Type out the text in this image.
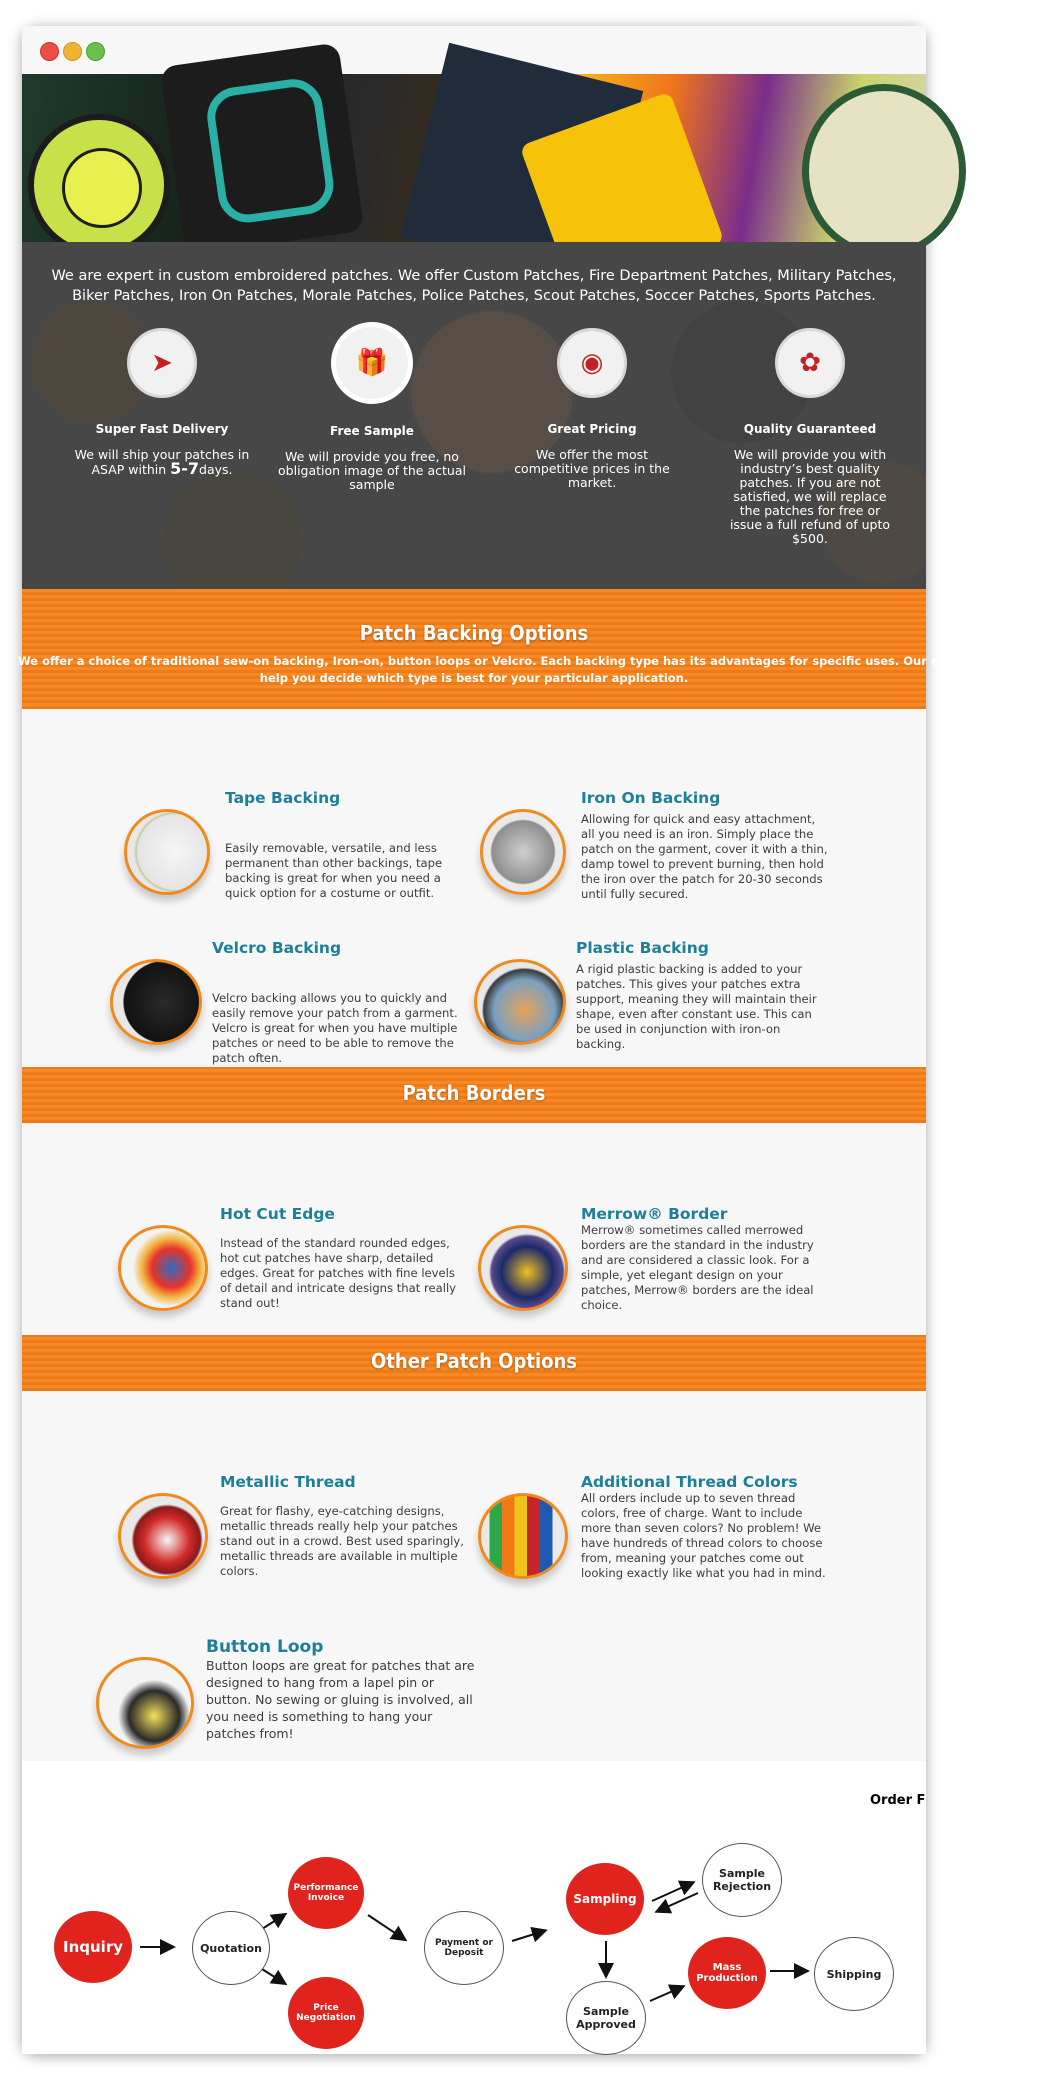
We are expert in custom embroidered patches. We offer Custom Patches, Fire Department Patches, Military Patches, Biker Patches, Iron On Patches, Morale Patches, Police Patches, Scout Patches, Soccer Patches, Sports Patches.
➤
Super Fast Delivery
We will ship your patches in ASAP within 5-7days.
🎁
Free Sample
We will provide you free, no obligation image of the actual sample
◉
Great Pricing
We offer the most competitive prices in the market.
✿
Quality Guaranteed
We will provide you with industry’s best quality patches. If you are not satisfied, we will replace the patches for free or issue a full refund of upto $500.
Patch Backing Options
We offer a choice of traditional sew-on backing, Iron-on, button loops or Velcro. Each backing type has its advantages for specific uses. Our experienced staff c
help you decide which type is best for your particular application.
Tape Backing
Easily removable, versatile, and less permanent than other backings, tape backing is great for when you need a quick option for a costume or outfit.
Iron On Backing
Allowing for quick and easy attachment, all you need is an iron. Simply place the patch on the garment, cover it with a thin, damp towel to prevent burning, then hold the iron over the patch for 20-30 seconds until fully secured.
Velcro Backing
Velcro backing allows you to quickly and easily remove your patch from a garment. Velcro is great for when you have multiple patches or need to be able to remove the patch often.
Plastic Backing
A rigid plastic backing is added to your patches. This gives your patches extra support, meaning they will maintain their shape, even after constant use. This can be used in conjunction with iron-on backing.
Patch Borders
Hot Cut Edge
Instead of the standard rounded edges, hot cut patches have sharp, detailed edges. Great for patches with fine levels of detail and intricate designs that really stand out!
Merrow® Border
Merrow® sometimes called merrowed borders are the standard in the industry and are considered a classic look. For a simple, yet elegant design on your patches, Merrow® borders are the ideal choice.
Other Patch Options
Metallic Thread
Great for flashy, eye-catching designs, metallic threads really help your patches stand out in a crowd. Best used sparingly, metallic threads are available in multiple colors.
Additional Thread Colors
All orders include up to seven thread colors, free of charge. Want to include more than seven colors? No problem! We have hundreds of thread colors to choose from, meaning your patches come out looking exactly like what you had in mind.
Button Loop
Button loops are great for patches that are designed to hang from a lapel pin or button. No sewing or gluing is involved, all you need is something to hang your patches from!
Order F
Inquiry	Quotation
Performance Invoice
Price Negotiation
Payment or Deposit
Sampling
Sample Rejection
Sample Approved
Mass Production	Shipping
